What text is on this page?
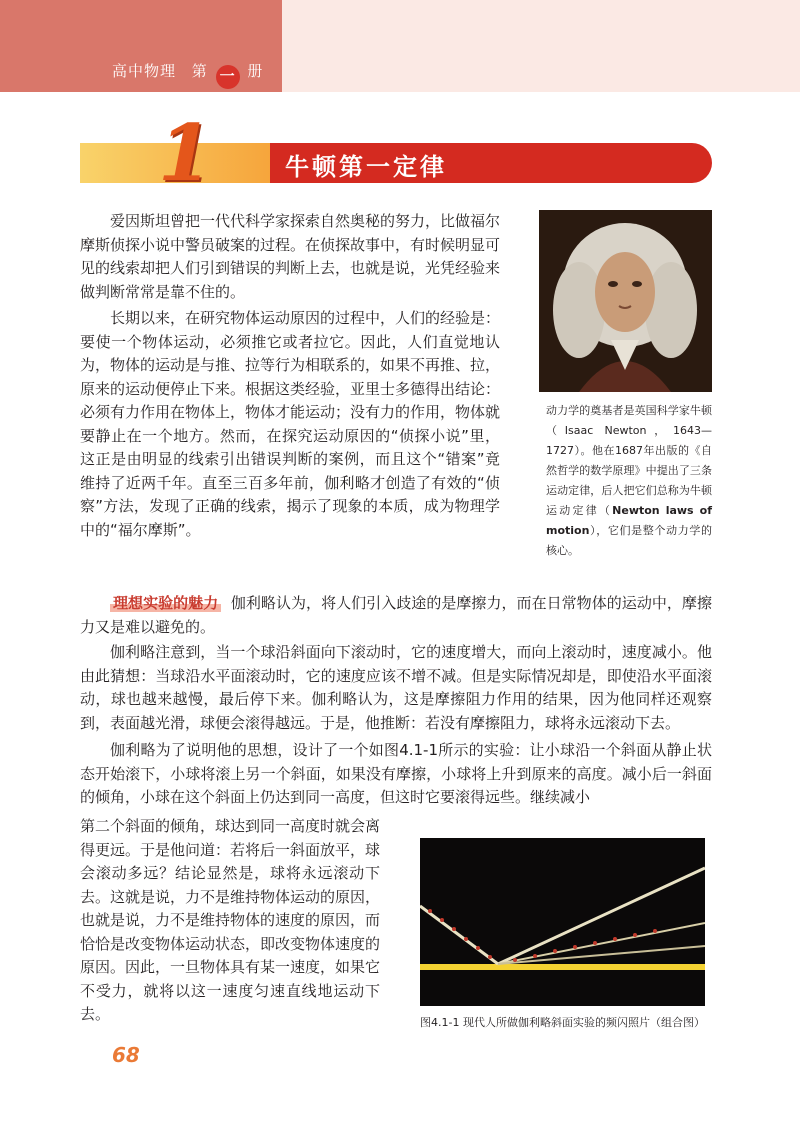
高中物理 第 一 册
牛顿第一定律
1

爱因斯坦曾把一代代科学家探索自然奥秘的努力，比做福尔摩斯侦探小说中警员破案的过程。在侦探故事中，有时候明显可见的线索却把人们引到错误的判断上去，也就是说，光凭经验来做判断常常是靠不住的。

长期以来，在研究物体运动原因的过程中，人们的经验是：要使一个物体运动，必须推它或者拉它。因此，人们直觉地认为，物体的运动是与推、拉等行为相联系的，如果不再推、拉，原来的运动便停止下来。根据这类经验，亚里士多德得出结论：必须有力作用在物体上，物体才能运动；没有力的作用，物体就要静止在一个地方。然而，在探究运动原因的“侦探小说”里，这正是由明显的线索引出错误判断的案例，而且这个“错案”竟维持了近两千年。直至三百多年前，伽利略才创造了有效的“侦察”方法，发现了正确的线索，揭示了现象的本质，成为物理学中的“福尔摩斯”。

动力学的奠基者是英国科学家牛顿（Isaac Newton，1643—1727）。他在1687年出版的《自然哲学的数学原理》中提出了三条运动定律，后人把它们总称为牛顿运动定律（Newton laws of motion），它们是整个动力学的核心。

理想实验的魅力 伽利略认为，将人们引入歧途的是摩擦力，而在日常物体的运动中，摩擦力又是难以避免的。

伽利略注意到，当一个球沿斜面向下滚动时，它的速度增大，而向上滚动时，速度减小。他由此猜想：当球沿水平面滚动时，它的速度应该不增不减。但是实际情况却是，即使沿水平面滚动，球也越来越慢，最后停下来。伽利略认为，这是摩擦阻力作用的结果，因为他同样还观察到，表面越光滑，球便会滚得越远。于是，他推断：若没有摩擦阻力，球将永远滚动下去。

伽利略为了说明他的思想，设计了一个如图4.1-1所示的实验：让小球沿一个斜面从静止状态开始滚下，小球将滚上另一个斜面，如果没有摩擦，小球将上升到原来的高度。减小后一斜面的倾角，小球在这个斜面上仍达到同一高度，但这时它要滚得远些。继续减小

第二个斜面的倾角，球达到同一高度时就会离得更远。于是他问道：若将后一斜面放平，球会滚动多远？结论显然是，球将永远滚动下去。这就是说，力不是维持物体运动的原因，也就是说，力不是维持物体的速度的原因，而恰恰是改变物体运动状态，即改变物体速度的原因。因此，一旦物体具有某一速度，如果它不受力，就将以这一速度匀速直线地运动下去。	图4.1-1 现代人所做伽利略斜面实验的频闪照片（组合图）
68
